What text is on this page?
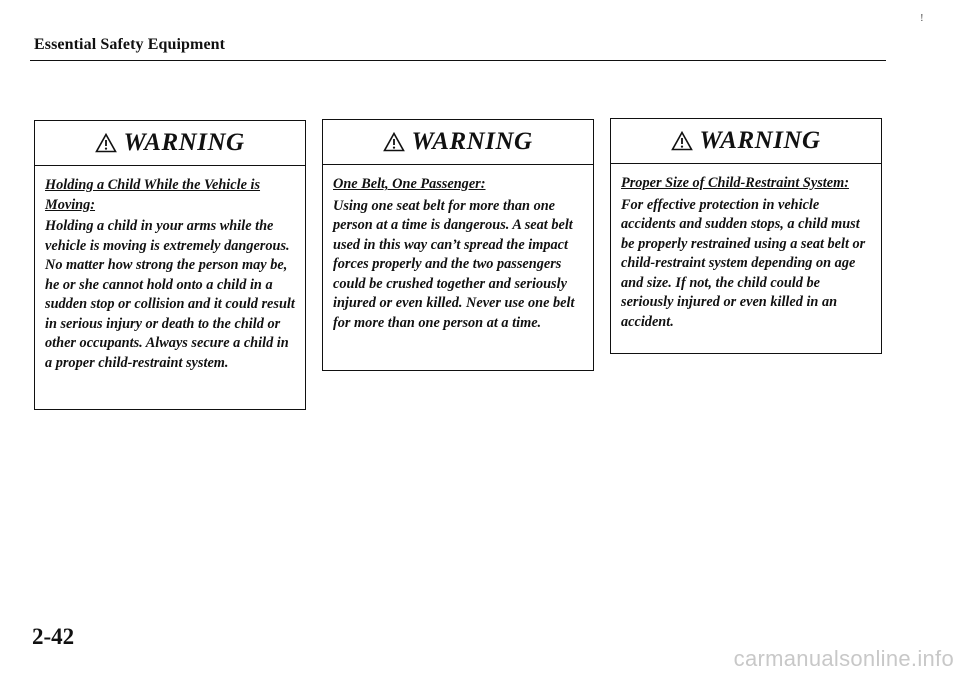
Essential Safety Equipment
!
WARNING
Holding a Child While the Vehicle is Moving:
Holding a child in your arms while the vehicle is moving is extremely dangerous. No matter how strong the person may be, he or she cannot hold onto a child in a sudden stop or collision and it could result in serious injury or death to the child or other occupants. Always secure a child in a proper child-restraint system.
WARNING
One Belt, One Passenger:
Using one seat belt for more than one person at a time is dangerous. A seat belt used in this way can’t spread the impact forces properly and the two passengers could be crushed together and seriously injured or even killed. Never use one belt for more than one person at a time.
WARNING
Proper Size of Child-Restraint System:
For effective protection in vehicle accidents and sudden stops, a child must be properly restrained using a seat belt or child-restraint system depending on age and size. If not, the child could be seriously injured or even killed in an accident.
2-42
carmanualsonline.info
